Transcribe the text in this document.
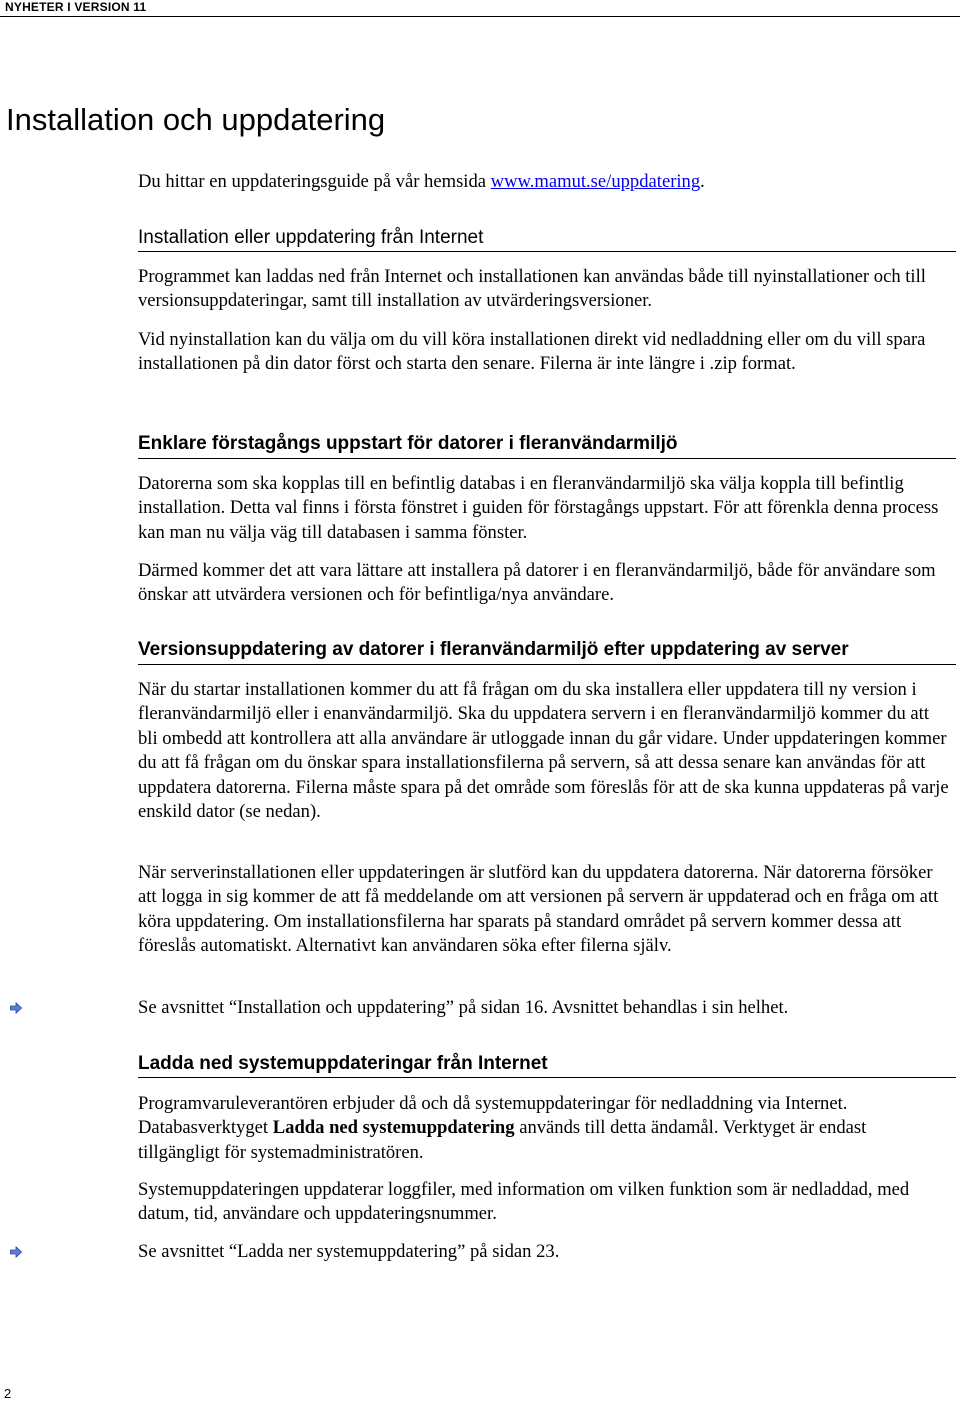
NYHETER I VERSION 11
Installation och uppdatering

Du hittar en uppdateringsguide på vår hemsida www.mamut.se/uppdatering.

Installation eller uppdatering från Internet

Programmet kan laddas ned från Internet och installationen kan användas både till nyinstallationer och till versionsuppdateringar, samt till installation av utvärderingsversioner.

Vid nyinstallation kan du välja om du vill köra installationen direkt vid nedladdning eller om du vill spara installationen på din dator först och starta den senare. Filerna är inte längre i .zip format.

Enklare förstagångs uppstart för datorer i fleranvändarmiljö

Datorerna som ska kopplas till en befintlig databas i en fleranvändarmiljö ska välja koppla till befintlig installation. Detta val finns i första fönstret i guiden för förstagångs uppstart. För att förenkla denna process kan man nu välja väg till databasen i samma fönster.

Därmed kommer det att vara lättare att installera på datorer i en fleranvändarmiljö, både för användare som önskar att utvärdera versionen och för befintliga/nya användare.

Versionsuppdatering av datorer i fleranvändarmiljö efter uppdatering av server

När du startar installationen kommer du att få frågan om du ska installera eller uppdatera till ny version i fleranvändarmiljö eller i enanvändarmiljö. Ska du uppdatera servern i en fleranvändarmiljö kommer du att bli ombedd att kontrollera att alla användare är utloggade innan du går vidare. Under uppdateringen kommer du att få frågan om du önskar spara installationsfilerna på servern, så att dessa senare kan användas för att uppdatera datorerna. Filerna måste spara på det område som föreslås för att de ska kunna uppdateras på varje enskild dator (se nedan).

När serverinstallationen eller uppdateringen är slutförd kan du uppdatera datorerna. När datorerna försöker att logga in sig kommer de att få meddelande om att versionen på servern är uppdaterad och en fråga om att köra uppdatering. Om installationsfilerna har sparats på standard området på servern kommer dessa att föreslås automatiskt. Alternativt kan användaren söka efter filerna själv.

Se avsnittet “Installation och uppdatering” på sidan 16. Avsnittet behandlas i sin helhet.

Ladda ned systemuppdateringar från Internet

Programvaruleverantören erbjuder då och då systemuppdateringar för nedladdning via Internet. Databasverktyget Ladda ned systemuppdatering används till detta ändamål. Verktyget är endast tillgängligt för systemadministratören.

Systemuppdateringen uppdaterar loggfiler, med information om vilken funktion som är nedladdad, med datum, tid, användare och uppdateringsnummer.

Se avsnittet “Ladda ner systemuppdatering” på sidan 23.

2
